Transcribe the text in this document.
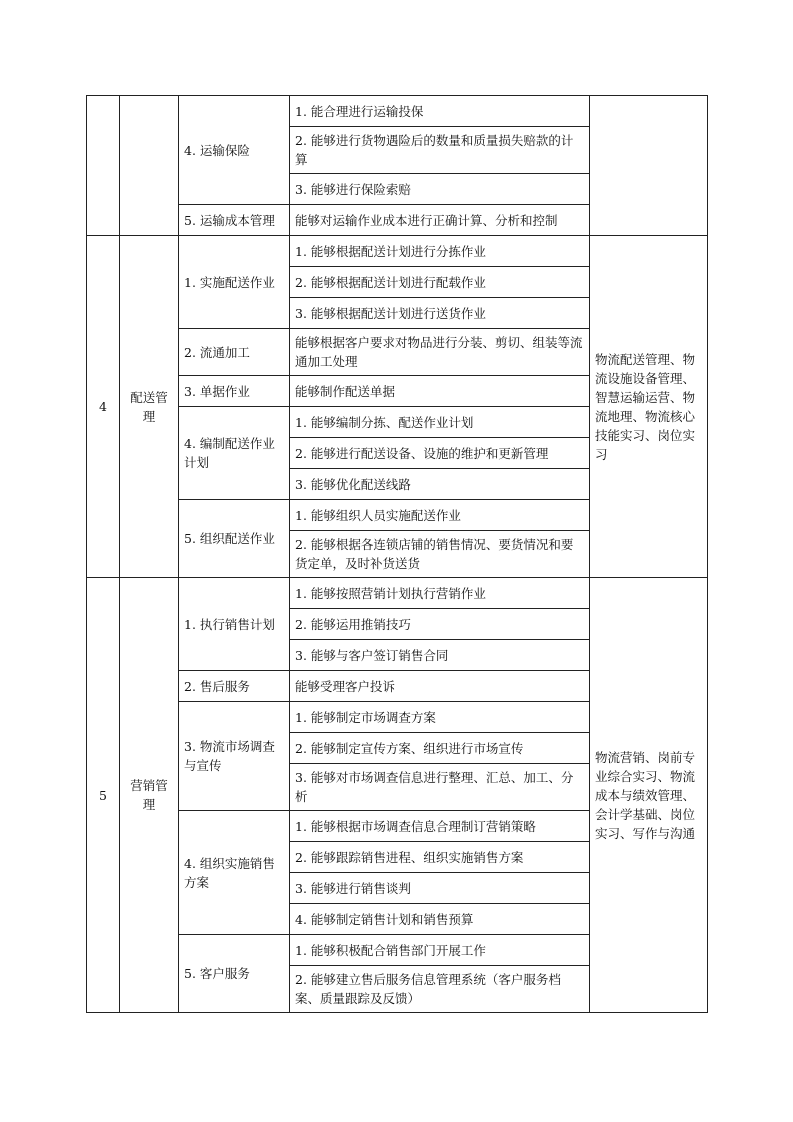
		4. 运输保险	1. 能合理进行运输投保	
			2. 能够进行货物遇险后的数量和质量损失赔款的计算	
			3. 能够进行保险索赔	
		5. 运输成本管理	能够对运输作业成本进行正确计算、分析和控制	
4	配送管理	1. 实施配送作业	1. 能够根据配送计划进行分拣作业	物流配送管理、物流设施设备管理、智慧运输运营、物流地理、物流核心技能实习、岗位实习
			2. 能够根据配送计划进行配载作业	
			3. 能够根据配送计划进行送货作业	
		2. 流通加工	能够根据客户要求对物品进行分装、剪切、组装等流通加工处理	
		3. 单据作业	能够制作配送单据	
		4. 编制配送作业计划	1. 能够编制分拣、配送作业计划	
			2. 能够进行配送设备、设施的维护和更新管理	
			3. 能够优化配送线路	
		5. 组织配送作业	1. 能够组织人员实施配送作业	
			2. 能够根据各连锁店铺的销售情况、要货情况和要货定单，及时补货送货	
5	营销管理	1. 执行销售计划	1. 能够按照营销计划执行营销作业	物流营销、岗前专业综合实习、物流成本与绩效管理、会计学基础、岗位实习、写作与沟通
			2. 能够运用推销技巧	
			3. 能够与客户签订销售合同	
		2. 售后服务	能够受理客户投诉	
		3. 物流市场调查与宣传	1. 能够制定市场调查方案	
			2. 能够制定宣传方案、组织进行市场宣传	
			3. 能够对市场调查信息进行整理、汇总、加工、分析	
		4. 组织实施销售方案	1. 能够根据市场调查信息合理制订营销策略	
			2. 能够跟踪销售进程、组织实施销售方案	
			3. 能够进行销售谈判	
			4. 能够制定销售计划和销售预算	
		5. 客户服务	1. 能够积极配合销售部门开展工作	
			2. 能够建立售后服务信息管理系统（客户服务档案、质量跟踪及反馈）	
